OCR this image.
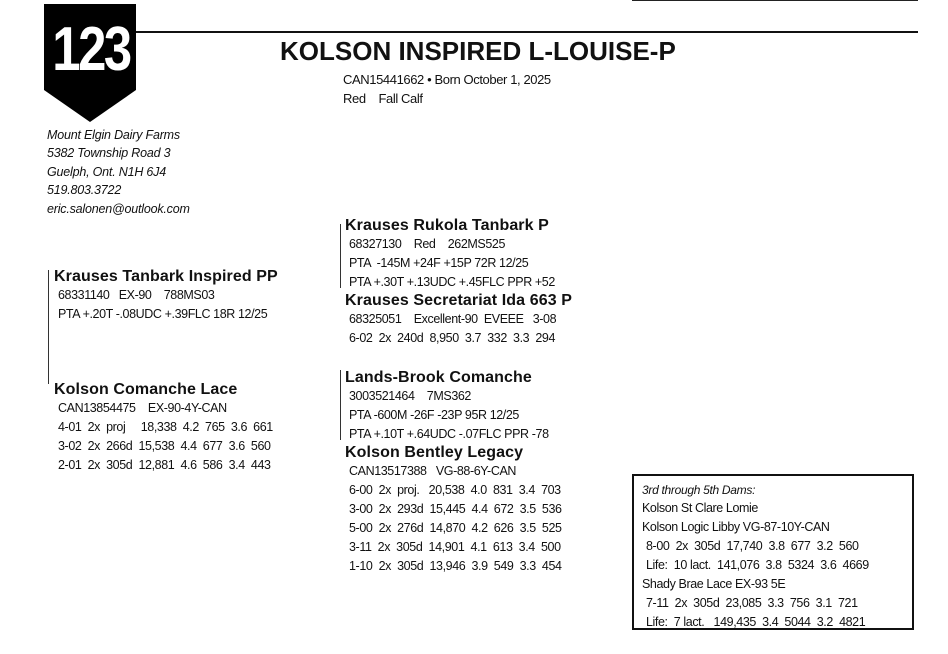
123	KOLSON INSPIRED L-LOUISE-P
CAN15441662 • Born October 1, 2025
Red    Fall Calf
Mount Elgin Dairy Farms
5382 Township Road 3
Guelph, Ont. N1H 6J4
519.803.3722
eric.salonen@outlook.com
Krauses Tanbark Inspired PP
68331140   EX-90    788MS03
PTA +.20T -.08UDC +.39FLC 18R 12/25
Krauses Rukola Tanbark P
68327130    Red    262MS525
PTA  -145M +24F +15P 72R 12/25
PTA +.30T +.13UDC +.45FLC PPR +52
Krauses Secretariat Ida 663 P
68325051    Excellent-90  EVEEE   3-08
6-02  2x  240d  8,950  3.7  332  3.3  294
Kolson Comanche Lace
CAN13854475    EX-90-4Y-CAN
4-01  2x  proj     18,338  4.2  765  3.6  661
3-02  2x  266d  15,538  4.4  677  3.6  560
2-01  2x  305d  12,881  4.6  586  3.4  443
Lands-Brook Comanche
3003521464    7MS362
PTA -600M -26F -23P 95R 12/25
PTA +.10T +.64UDC -.07FLC PPR -78
Kolson Bentley Legacy
CAN13517388   VG-88-6Y-CAN
6-00  2x  proj.   20,538  4.0  831  3.4  703
3-00  2x  293d  15,445  4.4  672  3.5  536
5-00  2x  276d  14,870  4.2  626  3.5  525
3-11  2x  305d  14,901  4.1  613  3.4  500
1-10  2x  305d  13,946  3.9  549  3.3  454
3rd through 5th Dams:
Kolson St Clare Lomie
Kolson Logic Libby VG-87-10Y-CAN
8-00  2x  305d  17,740  3.8  677  3.2  560
Life:  10 lact.  141,076  3.8  5324  3.6  4669
Shady Brae Lace EX-93 5E
7-11  2x  305d  23,085  3.3  756  3.1  721
Life:  7 lact.   149,435  3.4  5044  3.2  4821
